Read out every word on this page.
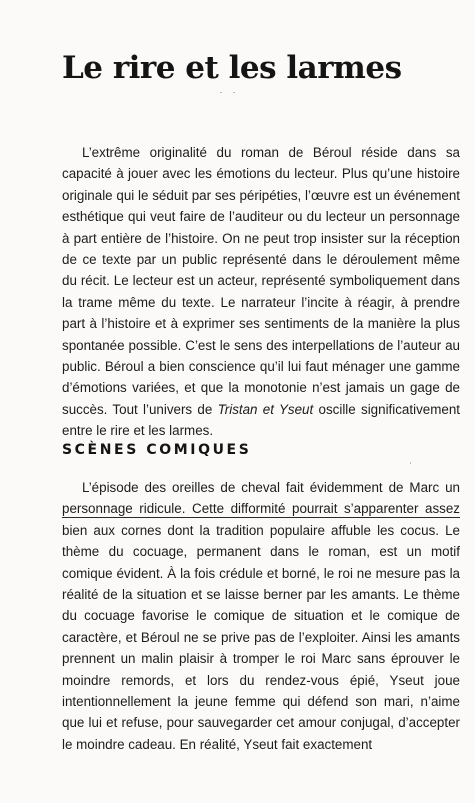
Le rire et les larmes

L’extrême originalité du roman de Béroul réside dans sa capacité à jouer avec les émotions du lecteur. Plus qu’une histoire originale qui le séduit par ses péripéties, l’œuvre est un événement esthétique qui veut faire de l’auditeur ou du lecteur un personnage à part entière de l’histoire. On ne peut trop insister sur la réception de ce texte par un public représenté dans le déroulement même du récit. Le lecteur est un acteur, représenté symboliquement dans la trame même du texte. Le narrateur l’incite à réagir, à prendre part à l’histoire et à exprimer ses sentiments de la manière la plus spontanée possible. C’est le sens des interpellations de l’auteur au public. Béroul a bien conscience qu’il lui faut ménager une gamme d’émotions variées, et que la monotonie n’est jamais un gage de succès. Tout l’univers de Tristan et Yseut oscille significativement entre le rire et les larmes.

SCÈNES COMIQUES

L’épisode des oreilles de cheval fait évidemment de Marc un personnage ridicule. Cette difformité pourrait s’apparenter assez bien aux cornes dont la tradition populaire affuble les cocus. Le thème du cocuage, permanent dans le roman, est un motif comique évident. À la fois crédule et borné, le roi ne mesure pas la réalité de la situation et se laisse berner par les amants. Le thème du cocuage favorise le comique de situation et le comique de caractère, et Béroul ne se prive pas de l’exploiter. Ainsi les amants prennent un malin plaisir à tromper le roi Marc sans éprouver le moindre remords, et lors du rendez-vous épié, Yseut joue intentionnellement la jeune femme qui défend son mari, n’aime que lui et refuse, pour sauvegarder cet amour conjugal, d’accepter le moindre cadeau. En réalité, Yseut fait exactement
